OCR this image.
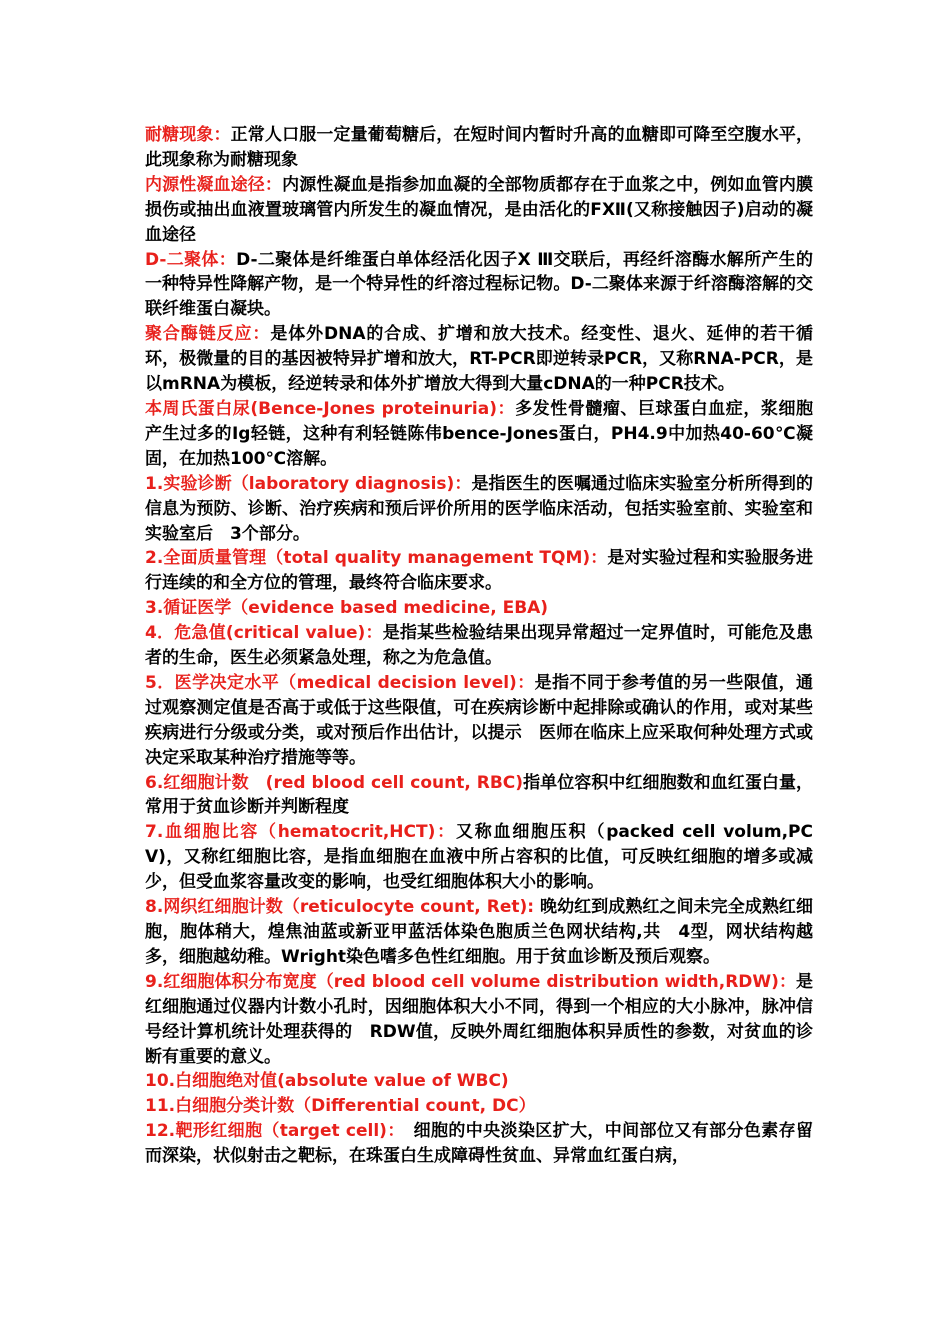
耐糖现象：正常人口服一定量葡萄糖后，在短时间内暂时升高的血糖即可降至空腹水平，此现象称为耐糖现象

内源性凝血途径：内源性凝血是指参加血凝的全部物质都存在于血浆之中，例如血管内膜损伤或抽出血液置玻璃管内所发生的凝血情况，是由活化的FⅫ(又称接触因子)启动的凝血途径

D-二聚体：D-二聚体是纤维蛋白单体经活化因子Ⅹ Ⅲ交联后，再经纤溶酶水解所产生的一种特异性降解产物，是一个特异性的纤溶过程标记物。D-二聚体来源于纤溶酶溶解的交联纤维蛋白凝块。

聚合酶链反应：是体外DNA的合成、扩增和放大技术。经变性、退火、延伸的若干循环，极微量的目的基因被特异扩增和放大，RT-PCR即逆转录PCR，又称RNA-PCR，是以mRNA为模板，经逆转录和体外扩增放大得到大量cDNA的一种PCR技术。

本周氏蛋白尿(Bence-Jones proteinuria)：多发性骨髓瘤、巨球蛋白血症，浆细胞产生过多的Ig轻链，这种有利轻链陈伟bence-Jones蛋白，PH4.9中加热40-60℃凝固，在加热100℃溶解。

1.实验诊断（laboratory diagnosis)：是指医生的医嘱通过临床实验室分析所得到的信息为预防、诊断、治疗疾病和预后评价所用的医学临床活动，包括实验室前、实验室和实验室后　3个部分。

2.全面质量管理（total quality management TQM)：是对实验过程和实验服务进行连续的和全方位的管理，最终符合临床要求。

3.循证医学（evidence based medicine, EBA)

4．危急值(critical value)：是指某些检验结果出现异常超过一定界值时，可能危及患者的生命，医生必须紧急处理，称之为危急值。

5．医学决定水平（medical decision level)：是指不同于参考值的另一些限值，通过观察测定值是否高于或低于这些限值，可在疾病诊断中起排除或确认的作用，或对某些疾病进行分级或分类，或对预后作出估计，以提示　医师在临床上应采取何种处理方式或决定采取某种治疗措施等等。

6.红细胞计数　(red blood cell count, RBC)指单位容积中红细胞数和血红蛋白量，常用于贫血诊断并判断程度

7.血细胞比容（hematocrit,HCT)：又称血细胞压积（packed cell volum,PCV)，又称红细胞比容，是指血细胞在血液中所占容积的比值，可反映红细胞的增多或减少，但受血浆容量改变的影响，也受红细胞体积大小的影响。

8.网织红细胞计数（reticulocyte count, Ret): 晚幼红到成熟红之间未完全成熟红细胞，胞体稍大，煌焦油蓝或新亚甲蓝活体染色胞质兰色网状结构,共　4型，网状结构越多，细胞越幼稚。Wright染色嗜多色性红细胞。用于贫血诊断及预后观察。

9.红细胞体积分布宽度（red blood cell volume distribution width,RDW)：是红细胞通过仪器内计数小孔时，因细胞体积大小不同，得到一个相应的大小脉冲，脉冲信号经计算机统计处理获得的　RDW值，反映外周红细胞体积异质性的参数，对贫血的诊断有重要的意义。

10.白细胞绝对值(absolute value of WBC)

11.白细胞分类计数（Differential count, DC）

12.靶形红细胞（target cell)：　细胞的中央淡染区扩大，中间部位又有部分色素存留而深染，状似射击之靶标，在珠蛋白生成障碍性贫血、异常血红蛋白病，
